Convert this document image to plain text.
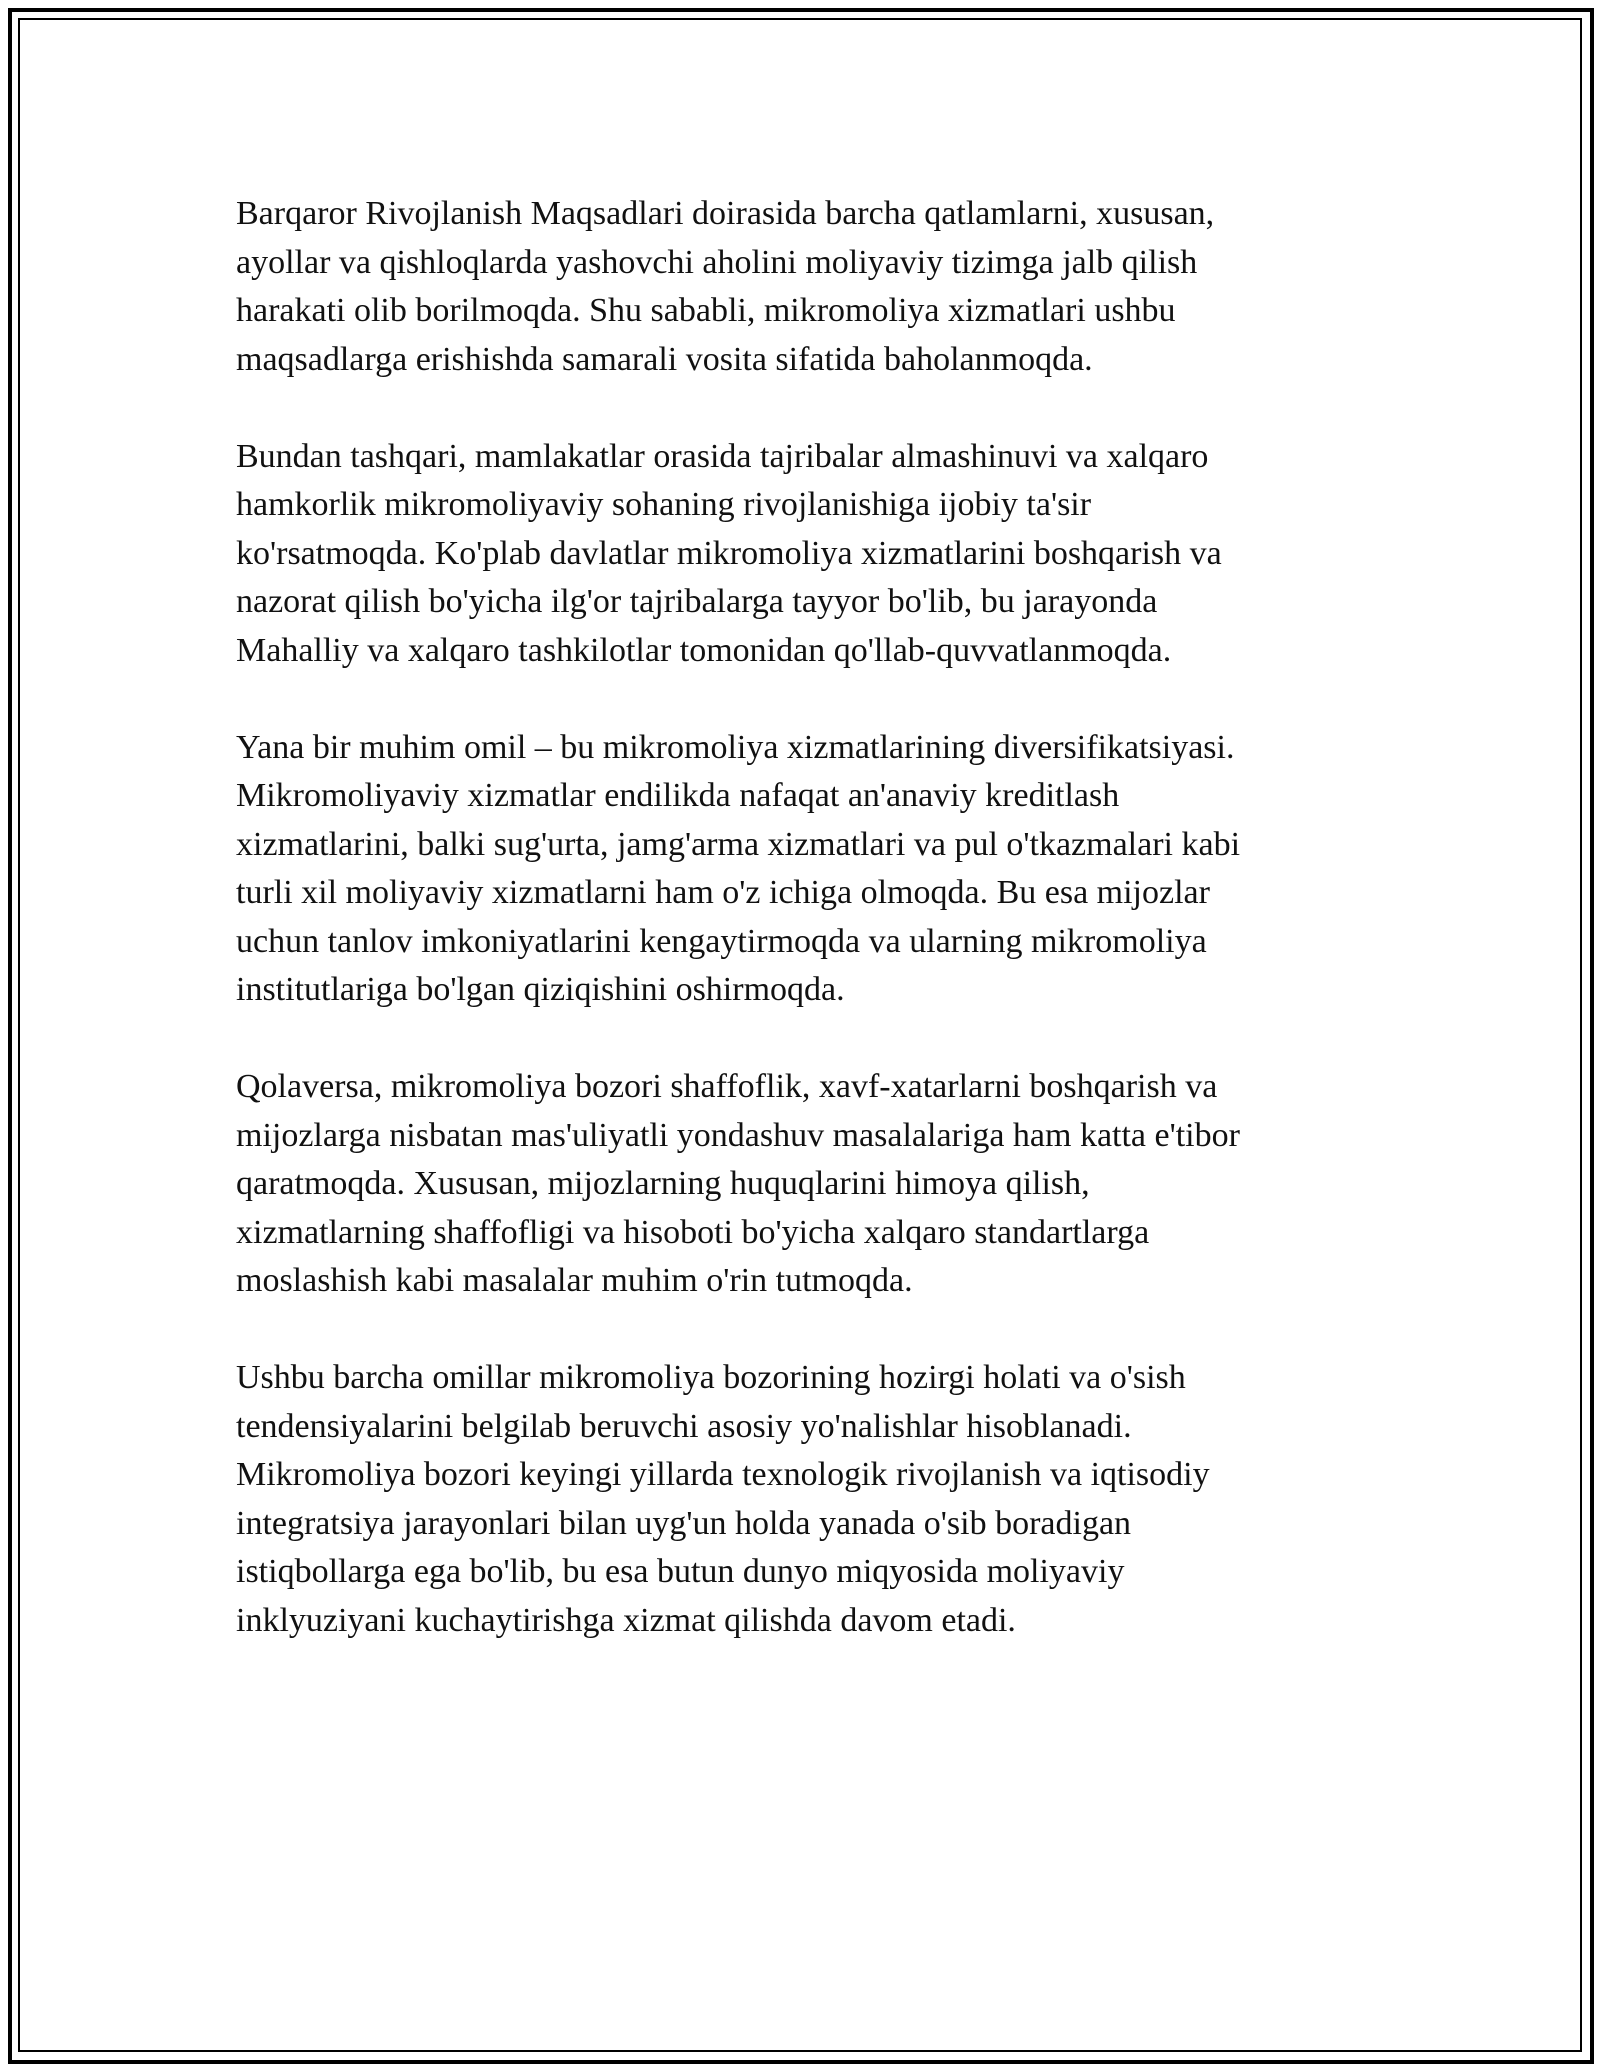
Barqaror Rivojlanish Maqsadlari doirasida barcha qatlamlarni, xususan,
ayollar va qishloqlarda yashovchi aholini moliyaviy tizimga jalb qilish
harakati olib borilmoqda. Shu sababli, mikromoliya xizmatlari ushbu
maqsadlarga erishishda samarali vosita sifatida baholanmoqda.

Bundan tashqari, mamlakatlar orasida tajribalar almashinuvi va xalqaro
hamkorlik mikromoliyaviy sohaning rivojlanishiga ijobiy ta'sir
ko'rsatmoqda. Ko'plab davlatlar mikromoliya xizmatlarini boshqarish va
nazorat qilish bo'yicha ilg'or tajribalarga tayyor bo'lib, bu jarayonda
Mahalliy va xalqaro tashkilotlar tomonidan qo'llab-quvvatlanmoqda.

Yana bir muhim omil – bu mikromoliya xizmatlarining diversifikatsiyasi.
Mikromoliyaviy xizmatlar endilikda nafaqat an'anaviy kreditlash
xizmatlarini, balki sug'urta, jamg'arma xizmatlari va pul o'tkazmalari kabi
turli xil moliyaviy xizmatlarni ham o'z ichiga olmoqda. Bu esa mijozlar
uchun tanlov imkoniyatlarini kengaytirmoqda va ularning mikromoliya
institutlariga bo'lgan qiziqishini oshirmoqda.

Qolaversa, mikromoliya bozori shaffoflik, xavf-xatarlarni boshqarish va
mijozlarga nisbatan mas'uliyatli yondashuv masalalariga ham katta e'tibor
qaratmoqda. Xususan, mijozlarning huquqlarini himoya qilish,
xizmatlarning shaffofligi va hisoboti bo'yicha xalqaro standartlarga
moslashish kabi masalalar muhim o'rin tutmoqda.

Ushbu barcha omillar mikromoliya bozorining hozirgi holati va o'sish
tendensiyalarini belgilab beruvchi asosiy yo'nalishlar hisoblanadi.
Mikromoliya bozori keyingi yillarda texnologik rivojlanish va iqtisodiy
integratsiya jarayonlari bilan uyg'un holda yanada o'sib boradigan
istiqbollarga ega bo'lib, bu esa butun dunyo miqyosida moliyaviy
inklyuziyani kuchaytirishga xizmat qilishda davom etadi.
